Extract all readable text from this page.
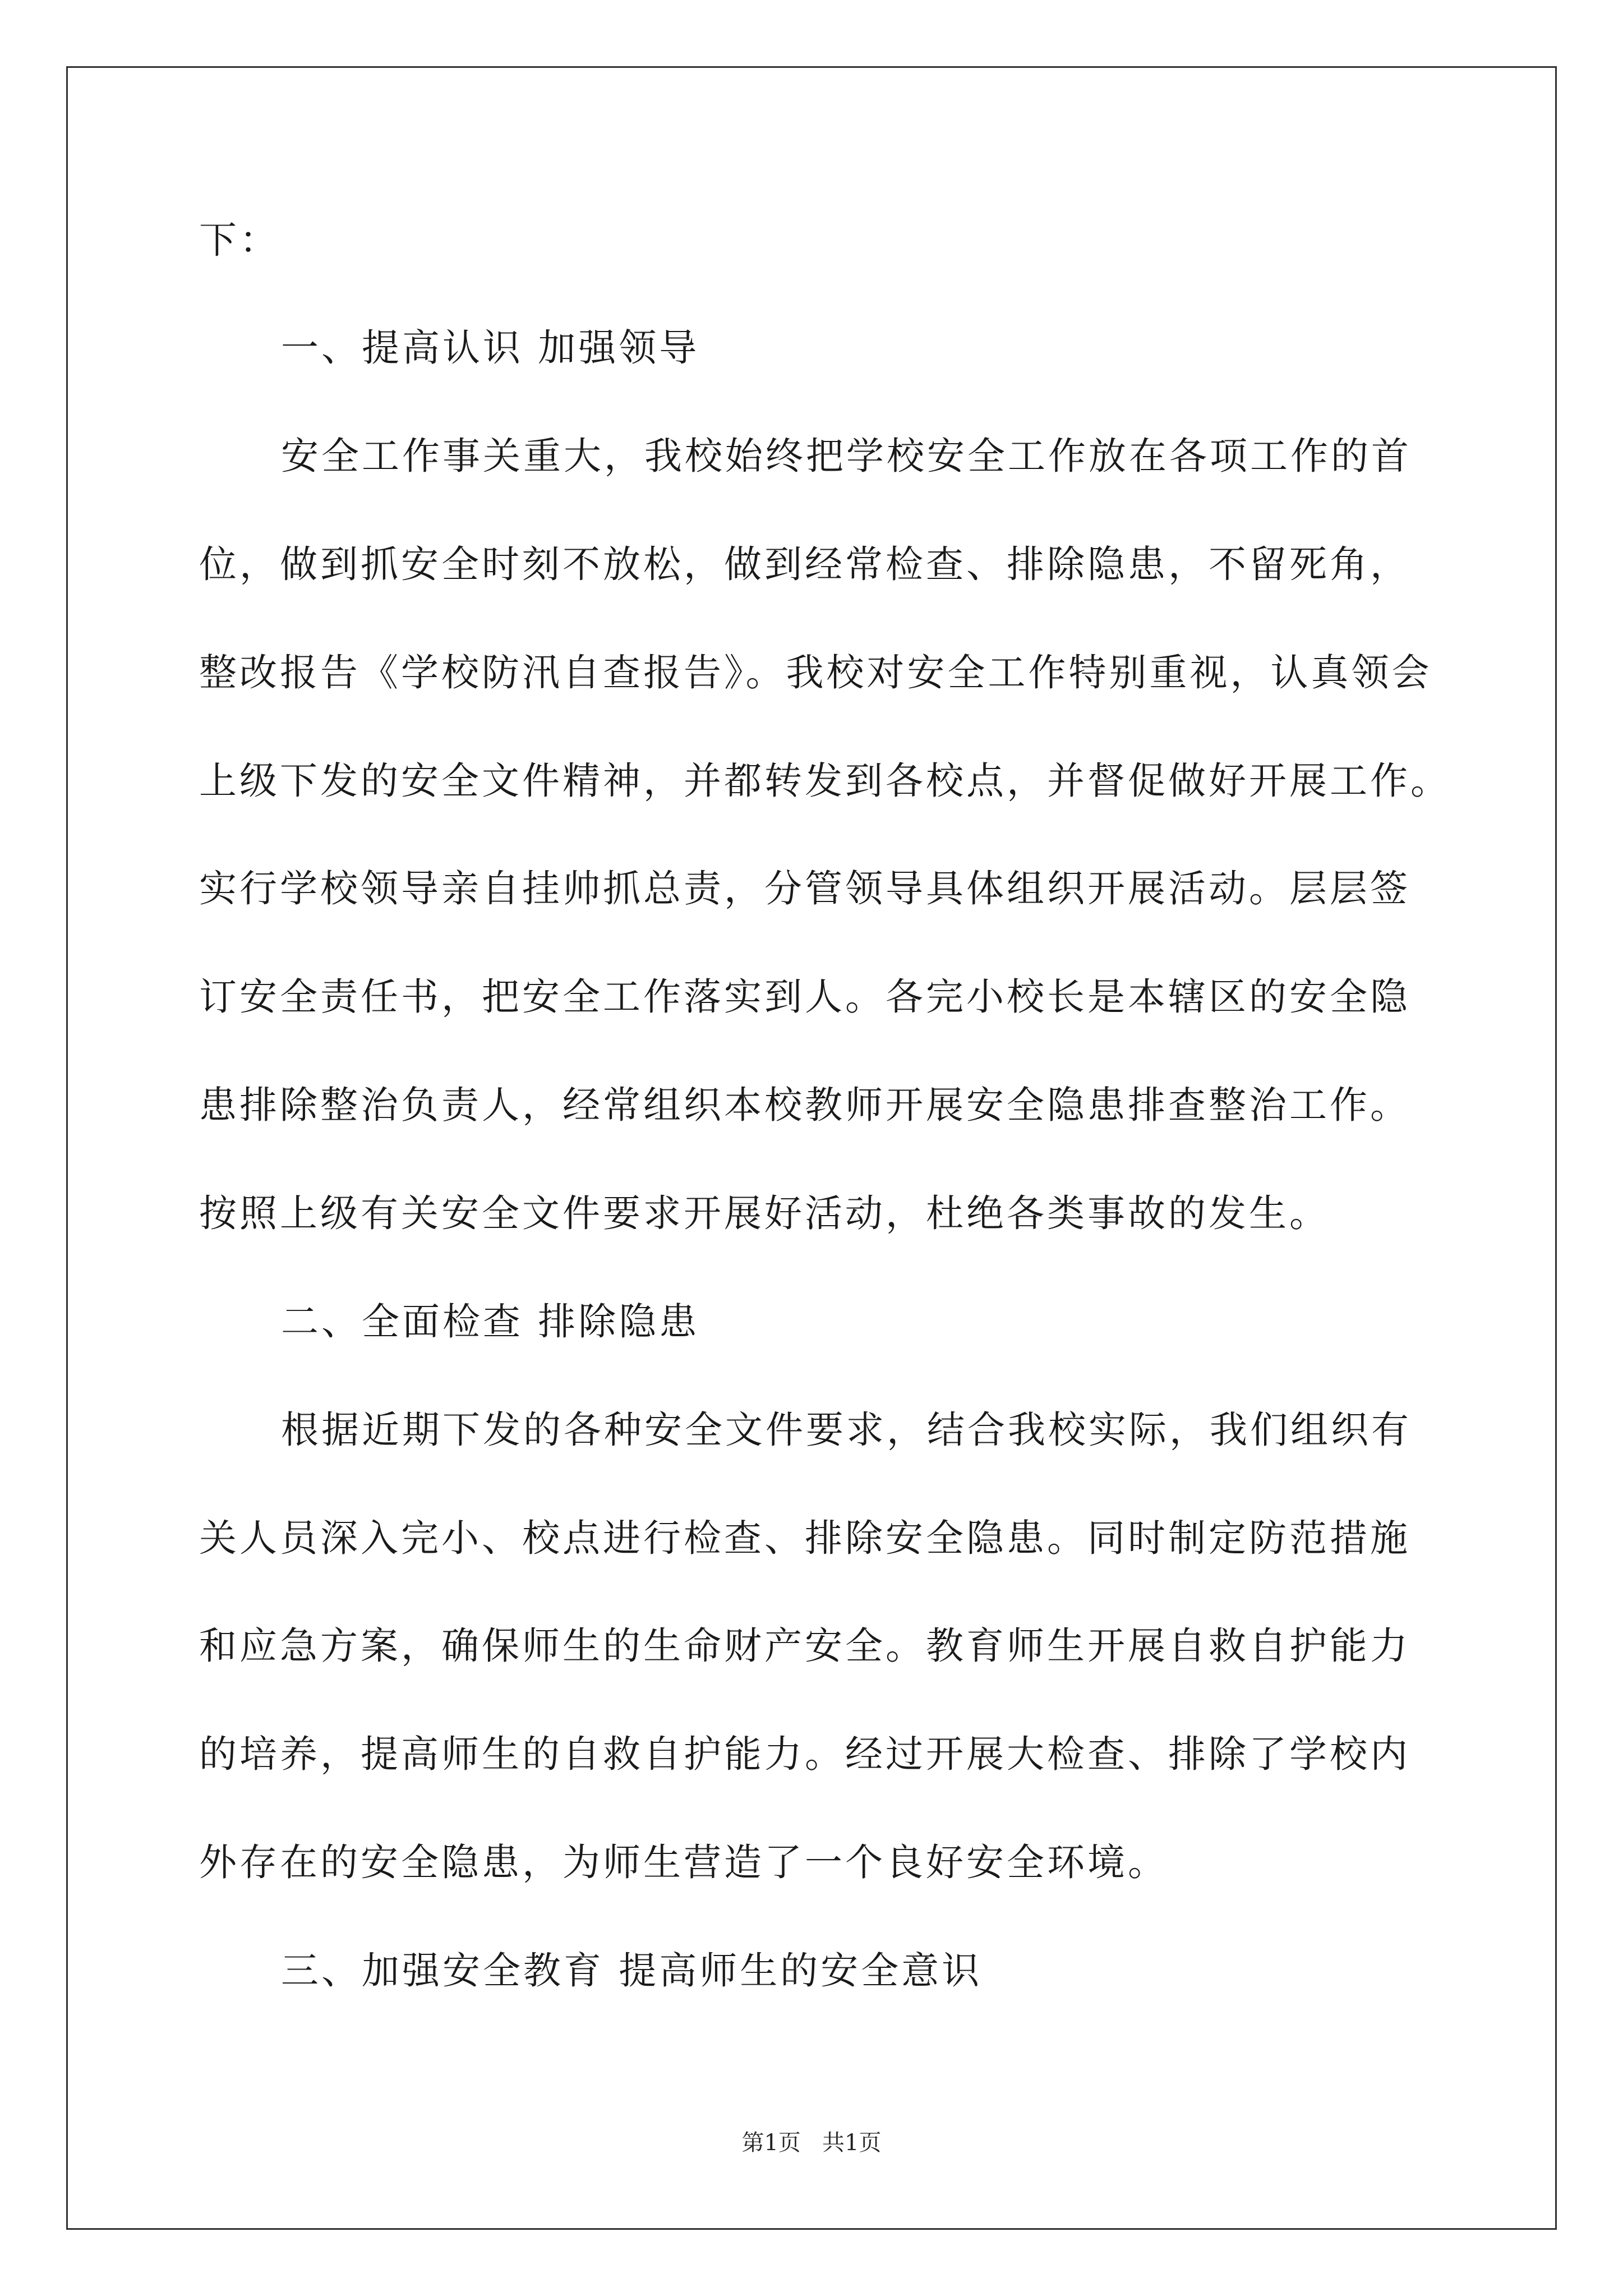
下：
一、提高认识 加强领导
安全工作事关重大，我校始终把学校安全工作放在各项工作的首
位，做到抓安全时刻不放松，做到经常检查、排除隐患，不留死角，
整改报告《学校防汛自查报告》。我校对安全工作特别重视，认真领会
上级下发的安全文件精神，并都转发到各校点，并督促做好开展工作。
实行学校领导亲自挂帅抓总责，分管领导具体组织开展活动。层层签
订安全责任书，把安全工作落实到人。各完小校长是本辖区的安全隐
患排除整治负责人，经常组织本校教师开展安全隐患排查整治工作。
按照上级有关安全文件要求开展好活动，杜绝各类事故的发生。
二、全面检查 排除隐患
根据近期下发的各种安全文件要求，结合我校实际，我们组织有
关人员深入完小、校点进行检查、排除安全隐患。同时制定防范措施
和应急方案，确保师生的生命财产安全。教育师生开展自救自护能力
的培养，提高师生的自救自护能力。经过开展大检查、排除了学校内
外存在的安全隐患，为师生营造了一个良好安全环境。
三、加强安全教育 提高师生的安全意识
第1页   共1页
